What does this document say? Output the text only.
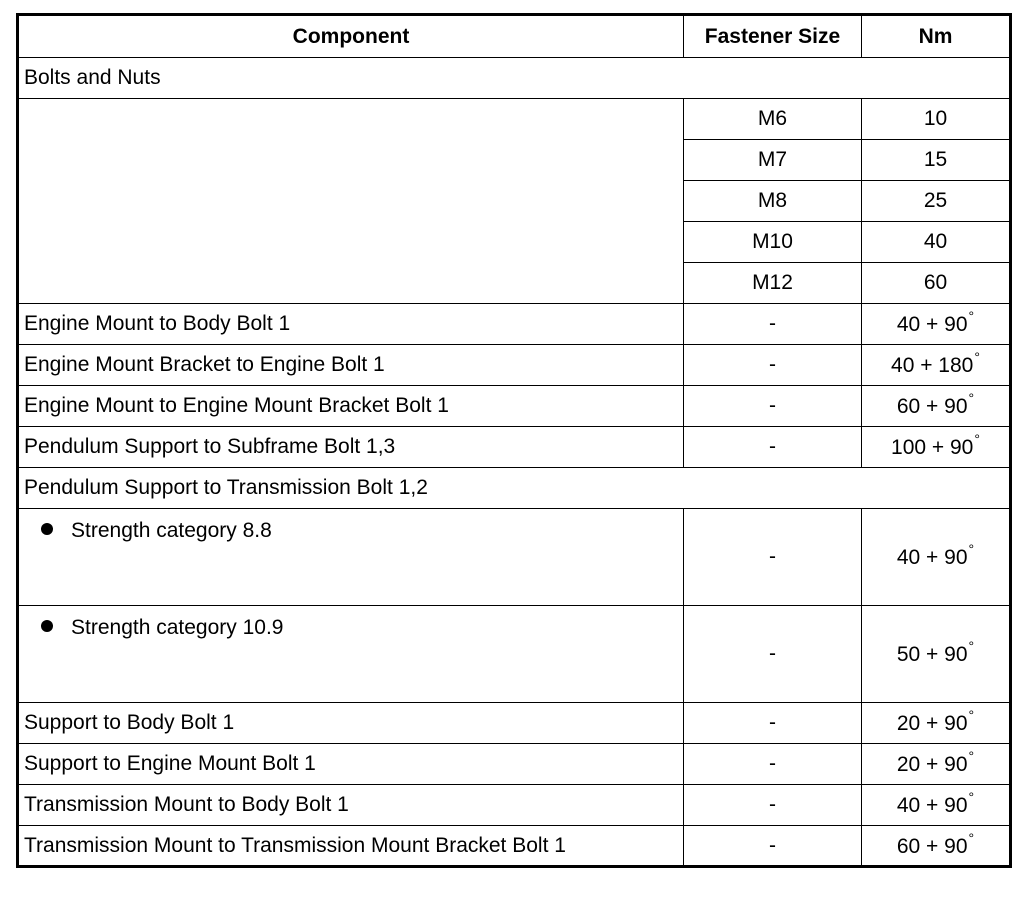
Component	Fastener Size	Nm
Bolts and Nuts		
	M6	10
	M7	15
	M8	25
	M10	40
	M12	60
Engine Mount to Body Bolt 1	-	40 + 90°
Engine Mount Bracket to Engine Bolt 1	-	40 + 180°
Engine Mount to Engine Mount Bracket Bolt 1	-	60 + 90°
Pendulum Support to Subframe Bolt 1,3	-	100 + 90°
Pendulum Support to Transmission Bolt 1,2		
Strength category 8.8	-	40 + 90°
Strength category 10.9	-	50 + 90°
Support to Body Bolt 1	-	20 + 90°
Support to Engine Mount Bolt 1	-	20 + 90°
Transmission Mount to Body Bolt 1	-	40 + 90°
Transmission Mount to Transmission Mount Bracket Bolt 1	-	60 + 90°
